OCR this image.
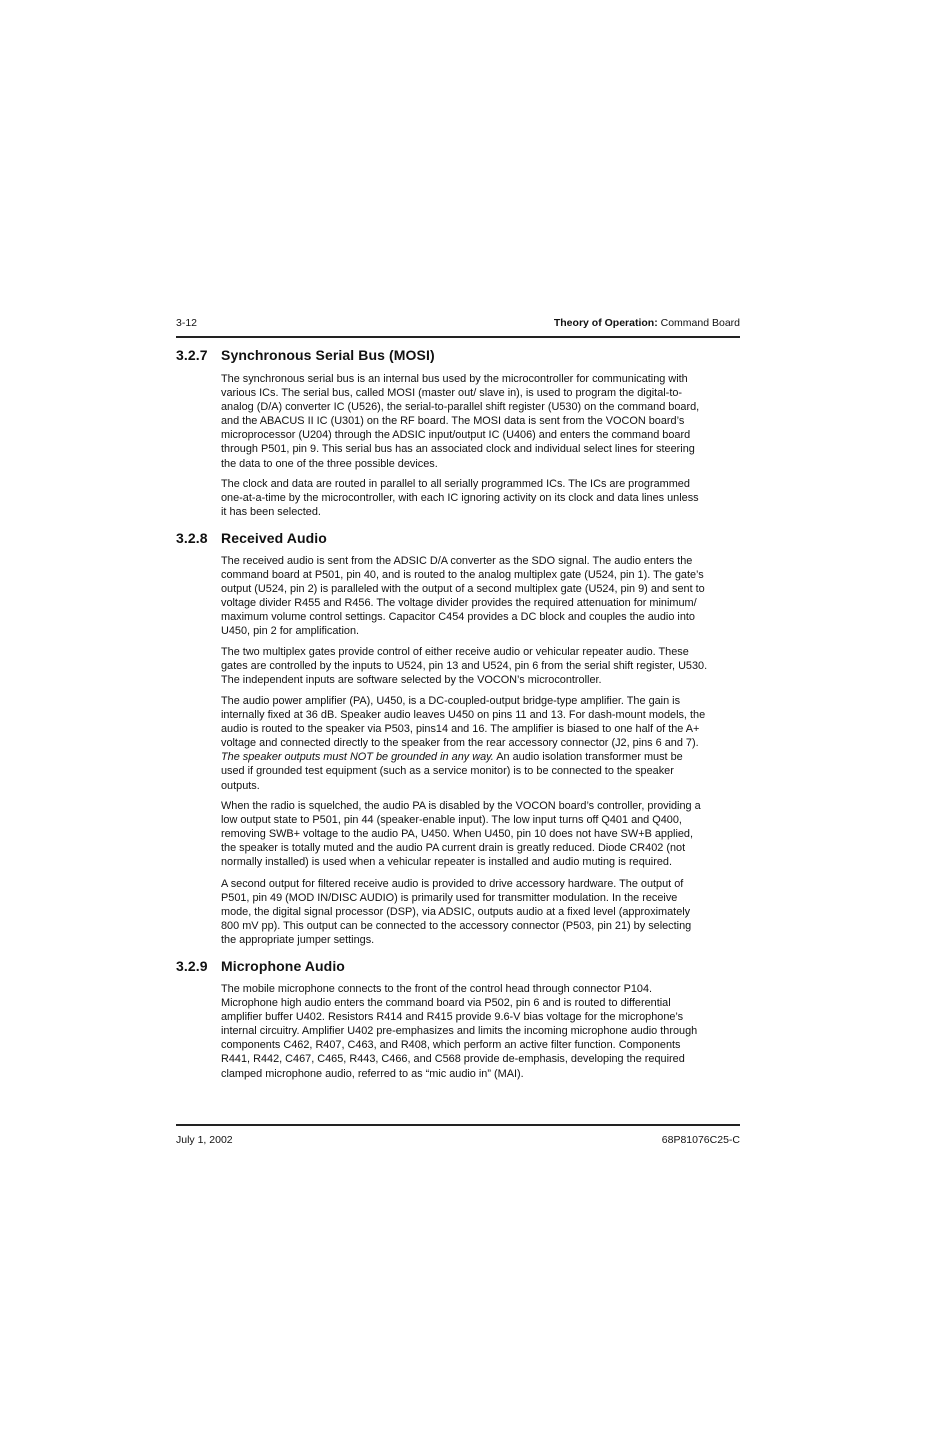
3-12	Theory of Operation: Command Board
3.2.7 Synchronous Serial Bus (MOSI)

The synchronous serial bus is an internal bus used by the microcontroller for communicating with
various ICs. The serial bus, called MOSI (master out/ slave in), is used to program the digital-to-
analog (D/A) converter IC (U526), the serial-to-parallel shift register (U530) on the command board,
and the ABACUS II IC (U301) on the RF board. The MOSI data is sent from the VOCON board’s
microprocessor (U204) through the ADSIC input/output IC (U406) and enters the command board
through P501, pin 9. This serial bus has an associated clock and individual select lines for steering
the data to one of the three possible devices.

The clock and data are routed in parallel to all serially programmed ICs. The ICs are programmed
one-at-a-time by the microcontroller, with each IC ignoring activity on its clock and data lines unless
it has been selected.

3.2.8 Received Audio

The received audio is sent from the ADSIC D/A converter as the SDO signal. The audio enters the
command board at P501, pin 40, and is routed to the analog multiplex gate (U524, pin 1). The gate’s
output (U524, pin 2) is paralleled with the output of a second multiplex gate (U524, pin 9) and sent to
voltage divider R455 and R456. The voltage divider provides the required attenuation for minimum/
maximum volume control settings. Capacitor C454 provides a DC block and couples the audio into
U450, pin 2 for amplification.

The two multiplex gates provide control of either receive audio or vehicular repeater audio. These
gates are controlled by the inputs to U524, pin 13 and U524, pin 6 from the serial shift register, U530.
The independent inputs are software selected by the VOCON’s microcontroller.

The audio power amplifier (PA), U450, is a DC-coupled-output bridge-type amplifier. The gain is
internally fixed at 36 dB. Speaker audio leaves U450 on pins 11 and 13. For dash-mount models, the
audio is routed to the speaker via P503, pins14 and 16. The amplifier is biased to one half of the A+
voltage and connected directly to the speaker from the rear accessory connector (J2, pins 6 and 7).
The speaker outputs must NOT be grounded in any way. An audio isolation transformer must be
used if grounded test equipment (such as a service monitor) is to be connected to the speaker
outputs.

When the radio is squelched, the audio PA is disabled by the VOCON board’s controller, providing a
low output state to P501, pin 44 (speaker-enable input). The low input turns off Q401 and Q400,
removing SWB+ voltage to the audio PA, U450. When U450, pin 10 does not have SW+B applied,
the speaker is totally muted and the audio PA current drain is greatly reduced. Diode CR402 (not
normally installed) is used when a vehicular repeater is installed and audio muting is required.

A second output for filtered receive audio is provided to drive accessory hardware. The output of
P501, pin 49 (MOD IN/DISC AUDIO) is primarily used for transmitter modulation. In the receive
mode, the digital signal processor (DSP), via ADSIC, outputs audio at a fixed level (approximately
800 mV pp). This output can be connected to the accessory connector (P503, pin 21) by selecting
the appropriate jumper settings.

3.2.9 Microphone Audio

The mobile microphone connects to the front of the control head through connector P104.
Microphone high audio enters the command board via P502, pin 6 and is routed to differential
amplifier buffer U402. Resistors R414 and R415 provide 9.6-V bias voltage for the microphone’s
internal circuitry. Amplifier U402 pre-emphasizes and limits the incoming microphone audio through
components C462, R407, C463, and R408, which perform an active filter function. Components
R441, R442, C467, C465, R443, C466, and C568 provide de-emphasis, developing the required
clamped microphone audio, referred to as “mic audio in” (MAI).

July 1, 2002	68P81076C25-C
